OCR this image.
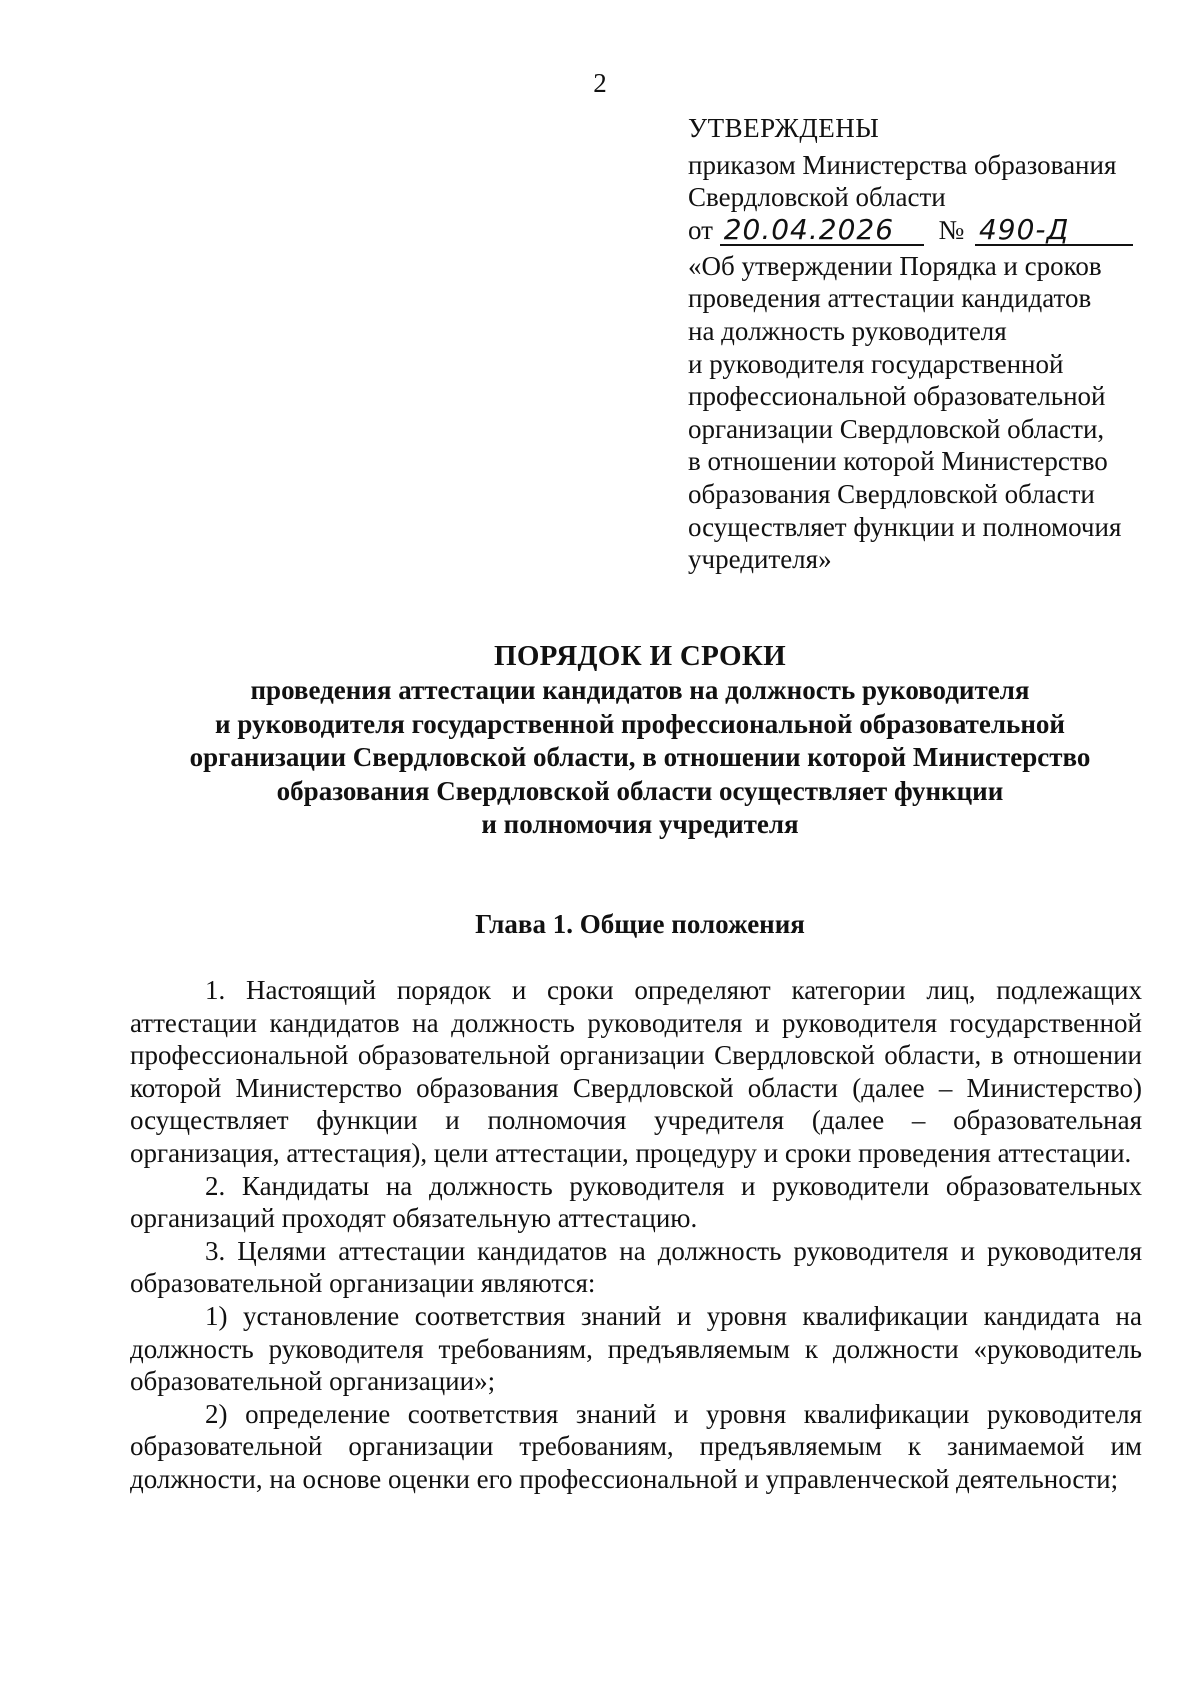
2
УТВЕРЖДЕНЫ
приказом Министерства образования
Свердловской области
от 20.04.2026 № 490-Д
«Об утверждении Порядка и сроков
проведения аттестации кандидатов
на должность руководителя
и руководителя государственной
профессиональной образовательной
организации Свердловской области,
в отношении которой Министерство
образования Свердловской области
осуществляет функции и полномочия
учредителя»
ПОРЯДОК И СРОКИ
проведения аттестации кандидатов на должность руководителя
и руководителя государственной профессиональной образовательной
организации Свердловской области, в отношении которой Министерство
образования Свердловской области осуществляет функции
и полномочия учредителя
Глава 1. Общие положения

1. Настоящий порядок и сроки определяют категории лиц, подлежащих аттестации кандидатов на должность руководителя и руководителя государственной профессиональной образовательной организации Свердловской области, в отношении которой Министерство образования Свердловской области (далее – Министерство) осуществляет функции и полномочия учредителя (далее – образовательная организация, аттестация), цели аттестации, процедуру и сроки проведения аттестации.

2. Кандидаты на должность руководителя и руководители образовательных организаций проходят обязательную аттестацию.

3. Целями аттестации кандидатов на должность руководителя и руководителя образовательной организации являются:

1) установление соответствия знаний и уровня квалификации кандидата на должность руководителя требованиям, предъявляемым к должности «руководитель образовательной организации»;

2) определение соответствия знаний и уровня квалификации руководителя образовательной организации требованиям, предъявляемым к занимаемой им должности, на основе оценки его профессиональной и управленческой деятельности;
